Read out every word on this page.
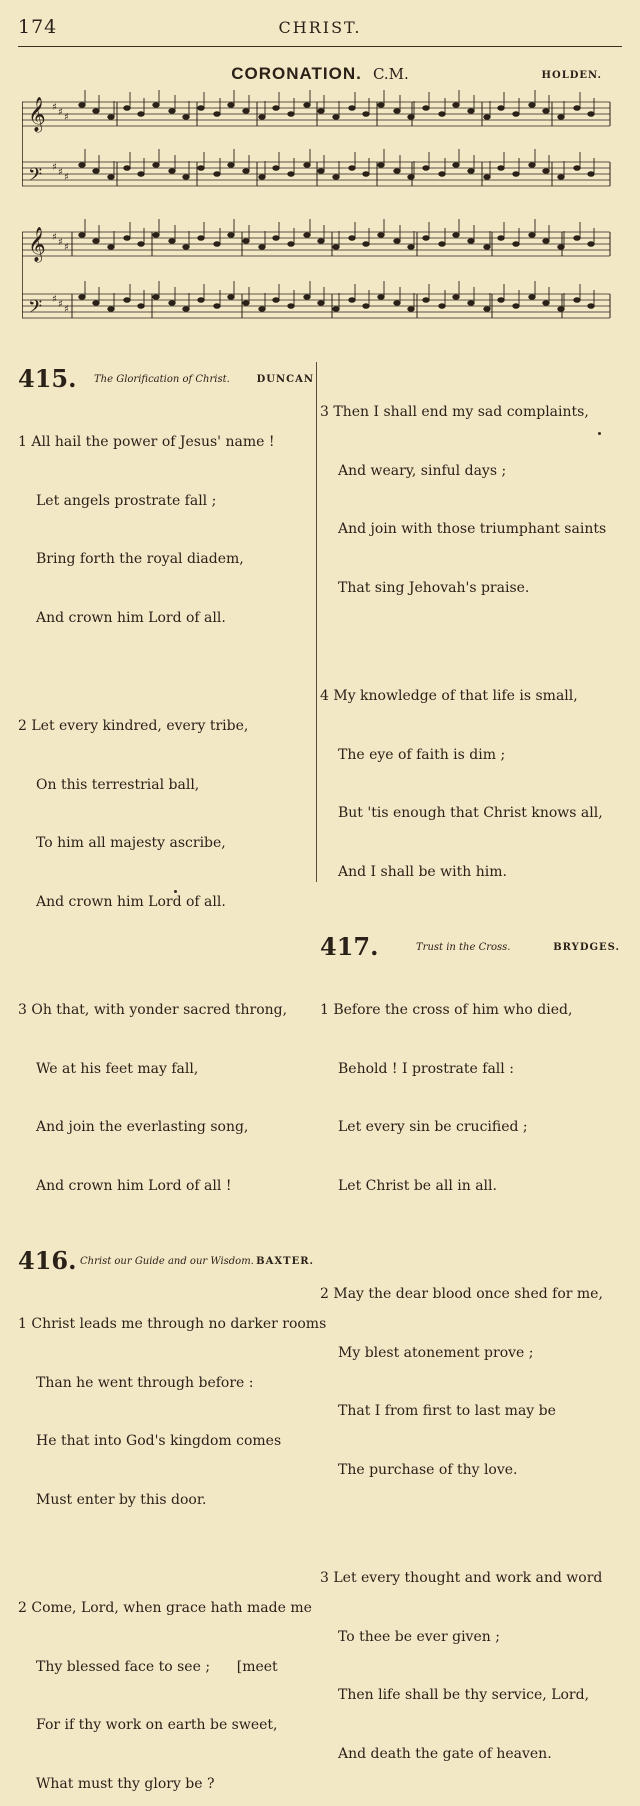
174	CHRIST.
CORONATION. C.M.	HOLDEN.
𝄞 ♯ ♯ ♯
𝄢 ♯ ♯ ♯
𝄞 ♯ ♯ ♯
𝄢 ♯ ♯ ♯
415. The Glorification of Christ.	DUNCAN

1 All hail the power of Jesus' name !

Let angels prostrate fall ;

Bring forth the royal diadem,

And crown him Lord of all.

2 Let every kindred, every tribe,

On this terrestrial ball,

To him all majesty ascribe,

And crown him Lord of all.

3 Oh that, with yonder sacred throng,

We at his feet may fall,

And join the everlasting song,

And crown him Lord of all !

416. Christ our Guide and our Wisdom. BAXTER.

1 Christ leads me through no darker rooms

Than he went through before :

He that into God's kingdom comes

Must enter by this door.

2 Come, Lord, when grace hath made me

Thy blessed face to see ;      [meet

For if thy work on earth be sweet,

What must thy glory be ?

3 Then I shall end my sad complaints,

And weary, sinful days ;

And join with those triumphant saints

That sing Jehovah's praise.

4 My knowledge of that life is small,

The eye of faith is dim ;

But 'tis enough that Christ knows all,

And I shall be with him.

417.	Trust in the Cross.	BRYDGES.

1 Before the cross of him who died,

Behold ! I prostrate fall :

Let every sin be crucified ;

Let Christ be all in all.

2 May the dear blood once shed for me,

My blest atonement prove ;

That I from first to last may be

The purchase of thy love.

3 Let every thought and work and word

To thee be ever given ;

Then life shall be thy service, Lord,

And death the gate of heaven.
